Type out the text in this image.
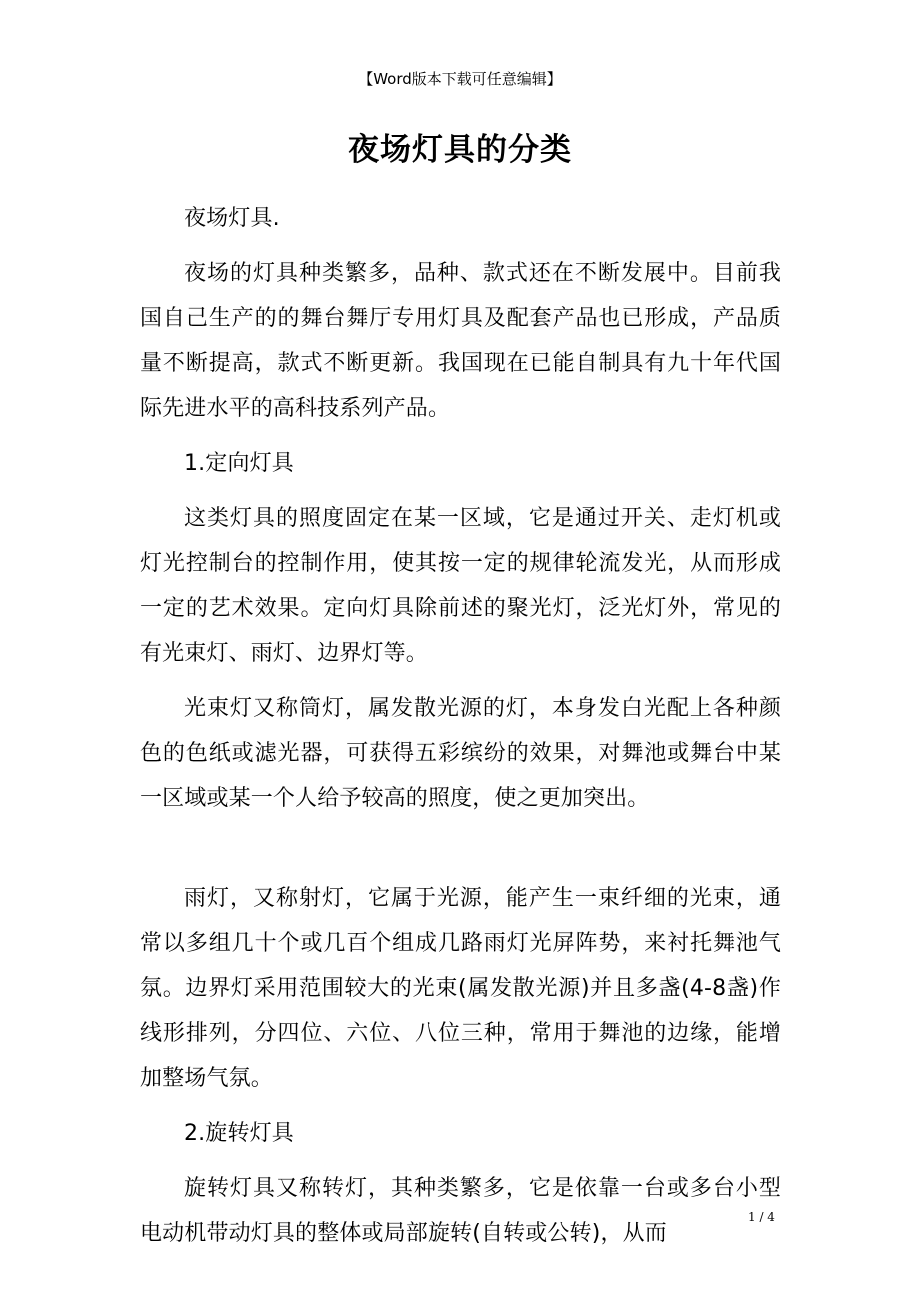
【Word版本下载可任意编辑】
夜场灯具的分类

夜场灯具.

夜场的灯具种类繁多，品种、款式还在不断发展中。目前我国自己生产的的舞台舞厅专用灯具及配套产品也已形成，产品质量不断提高，款式不断更新。我国现在已能自制具有九十年代国际先进水平的高科技系列产品。

1.定向灯具

这类灯具的照度固定在某一区域，它是通过开关、走灯机或灯光控制台的控制作用，使其按一定的规律轮流发光，从而形成一定的艺术效果。定向灯具除前述的聚光灯，泛光灯外，常见的有光束灯、雨灯、边界灯等。

光束灯又称筒灯，属发散光源的灯，本身发白光配上各种颜色的色纸或滤光器，可获得五彩缤纷的效果，对舞池或舞台中某一区域或某一个人给予较高的照度，使之更加突出。

雨灯，又称射灯，它属于光源，能产生一束纤细的光束，通常以多组几十个或几百个组成几路雨灯光屏阵势，来衬托舞池气氛。边界灯采用范围较大的光束(属发散光源)并且多盏(4-8盏)作线形排列，分四位、六位、八位三种，常用于舞池的边缘，能增加整场气氛。

2.旋转灯具

旋转灯具又称转灯，其种类繁多，它是依靠一台或多台小型电动机带动灯具的整体或局部旋转(自转或公转)，从而

1 / 4
